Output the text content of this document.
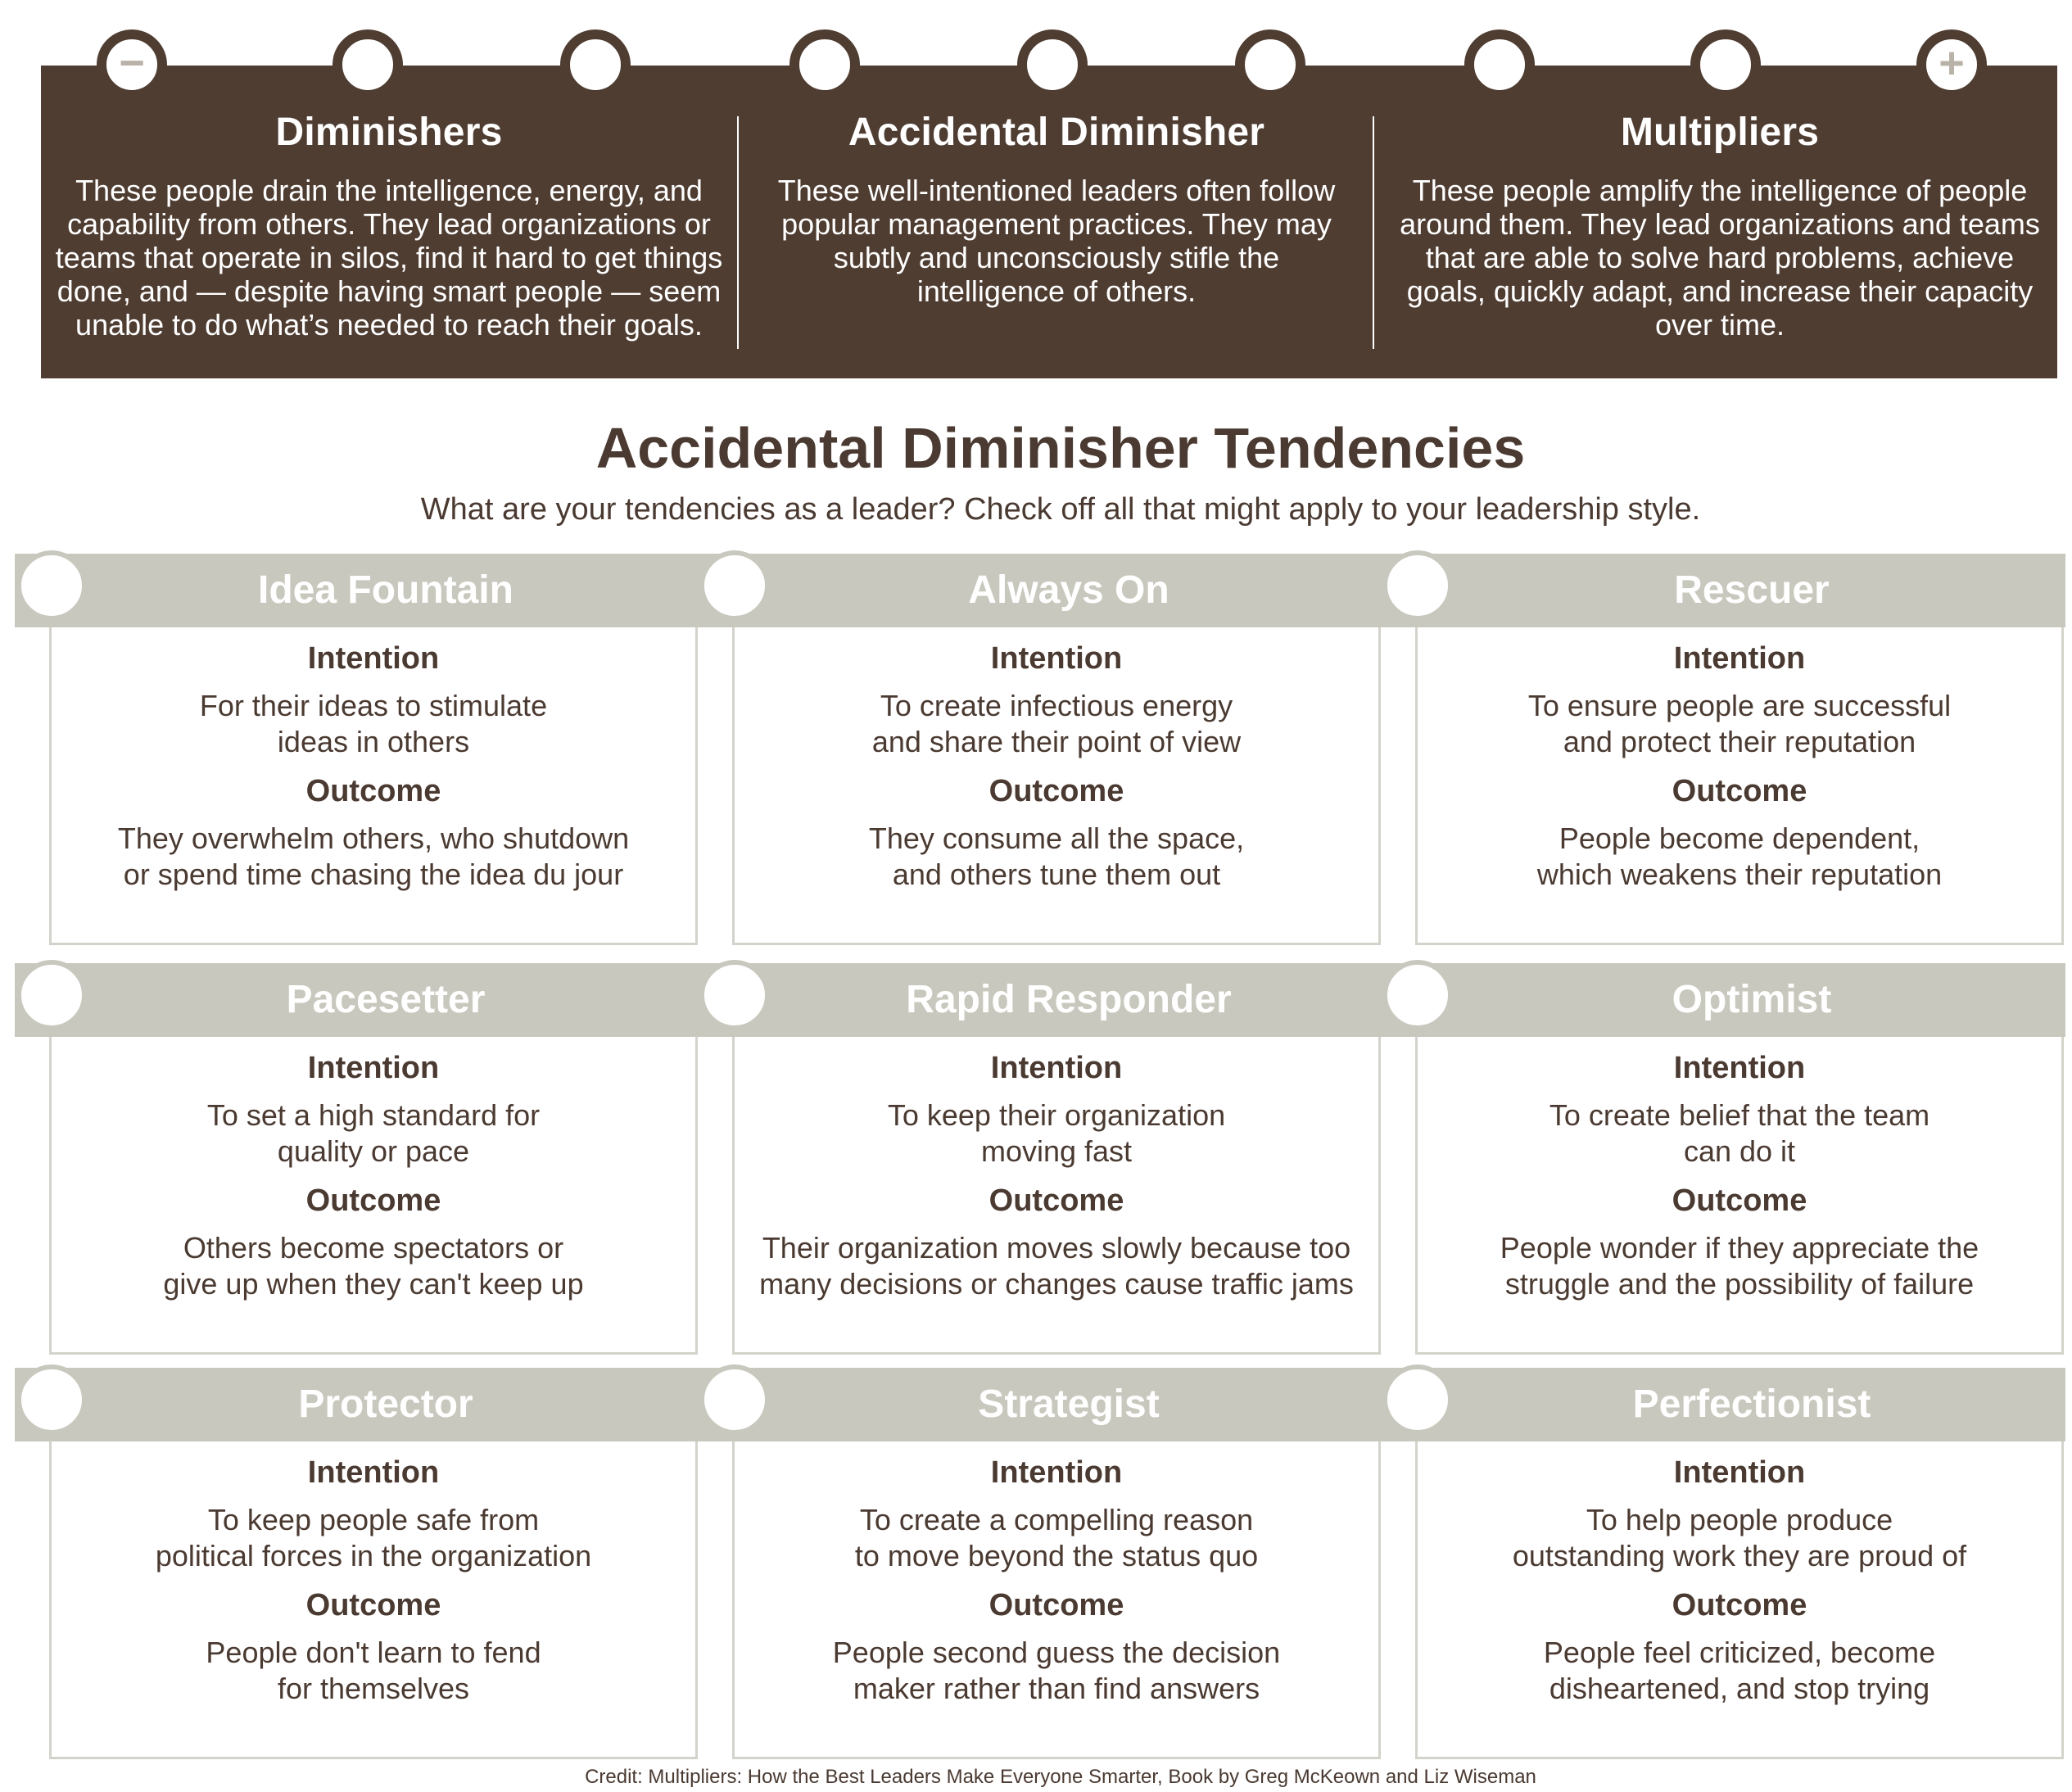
−	+
Diminishers

These people drain the intelligence, energy, and capability from others. They lead organizations or teams that operate in silos, find it hard to get things done, and — despite having smart people — seem unable to do what’s needed to reach their goals.

Accidental Diminisher

These well-intentioned leaders often follow popular management practices. They may subtly and unconsciously stifle the intelligence of others.

Multipliers

These people amplify the intelligence of people around them. They lead organizations and teams that are able to solve hard problems, achieve goals, quickly adapt, and increase their capacity over time.

Accidental Diminisher Tendencies
What are your tendencies as a leader? Check off all that might apply to your leadership style.
Idea Fountain
Intention
For their ideas to stimulate
ideas in others
Outcome
They overwhelm others, who shutdown
or spend time chasing the idea du jour
Always On
Intention
To create infectious energy
and share their point of view
Outcome
They consume all the space,
and others tune them out
Rescuer
Intention
To ensure people are successful
and protect their reputation
Outcome
People become dependent,
which weakens their reputation
Pacesetter
Intention
To set a high standard for
quality or pace
Outcome
Others become spectators or
give up when they can't keep up
Rapid Responder
Intention
To keep their organization
moving fast
Outcome
Their organization moves slowly because too
many decisions or changes cause traffic jams
Optimist
Intention
To create belief that the team
can do it
Outcome
People wonder if they appreciate the
struggle and the possibility of failure
Protector
Intention
To keep people safe from
political forces in the organization
Outcome
People don't learn to fend
for themselves
Strategist
Intention
To create a compelling reason
to move beyond the status quo
Outcome
People second guess the decision
maker rather than find answers
Perfectionist
Intention
To help people produce
outstanding work they are proud of
Outcome
People feel criticized, become
disheartened, and stop trying
Credit: Multipliers: How the Best Leaders Make Everyone Smarter, Book by Greg McKeown and Liz Wiseman
